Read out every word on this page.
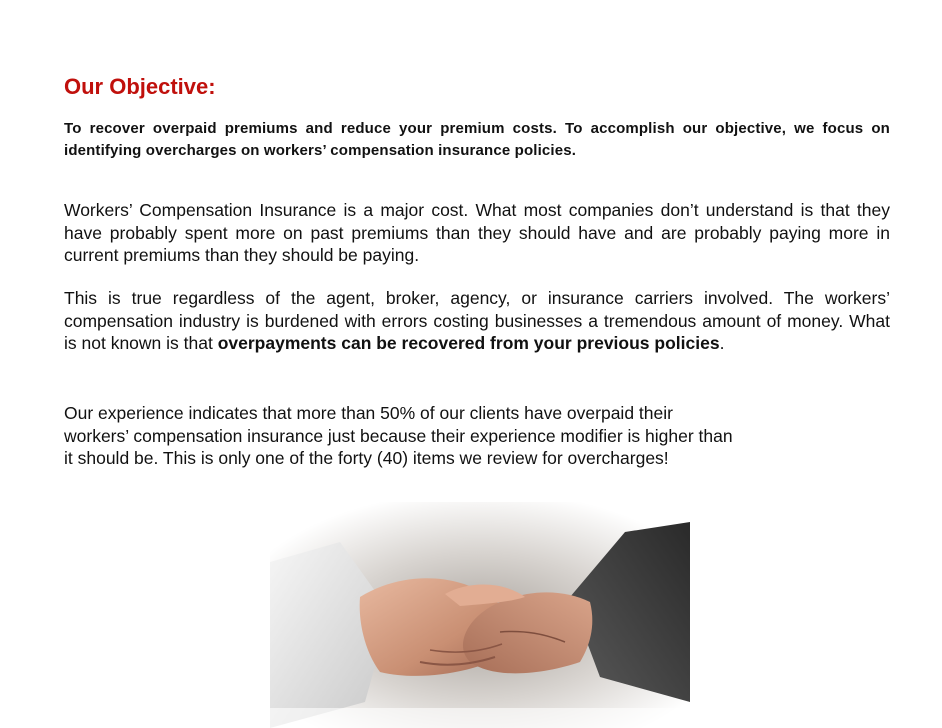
Our Objective:

To recover overpaid premiums and reduce your premium costs. To accomplish our objective, we focus on identifying overcharges on workers’ compensation insurance policies.

Workers’ Compensation Insurance is a major cost. What most companies don’t understand is that they have probably spent more on past premiums than they should have and are probably paying more in current premiums than they should be paying.

This is true regardless of the agent, broker, agency, or insurance carriers involved. The workers’ compensation industry is burdened with errors costing businesses a tremendous amount of money. What is not known is that overpayments can be recovered from your previous policies.

Our experience indicates that more than 50% of our clients have overpaid their
workers’ compensation insurance just because their experience modifier is higher than
it should be. This is only one of the forty (40) items we review for overcharges!
